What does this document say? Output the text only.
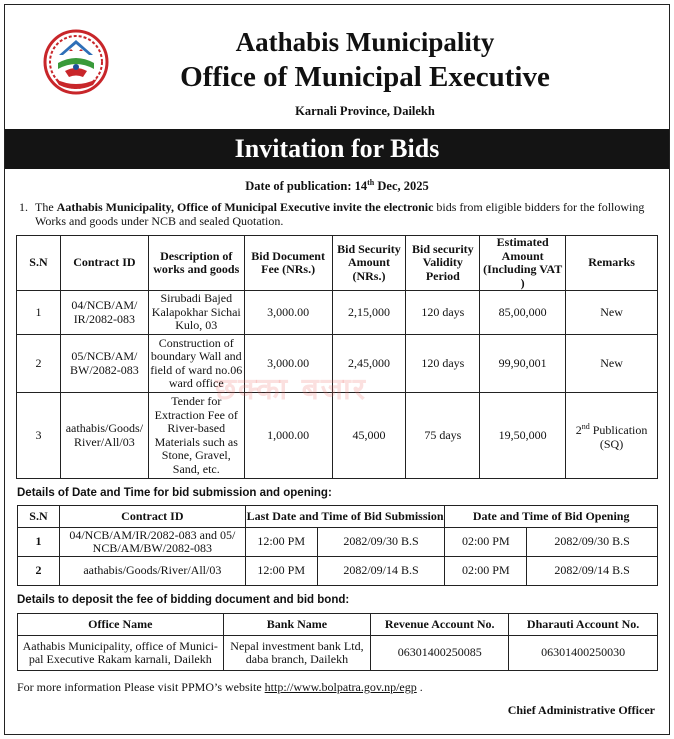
Aathabis Municipality
Office of Municipal Executive
Karnali Province, Dailekh
Invitation for Bids
Date of publication: 14th Dec, 2025
1. The Aathabis Municipality, Office of Municipal Executive invite the electronic bids from eligible bidders for the following Works and goods under NCB and sealed Quotation.
S.N	Contract ID	Description of works and goods	Bid Document Fee (NRs.)	Bid Security Amount (NRs.)	Bid security Validity Period	Estimated Amount (Including VAT )	Remarks
1	04/NCB/AM/ IR/2082-083	Sirubadi Bajed Kalapokhar Sichai Kulo, 03	3,000.00	2,15,000	120 days	85,00,000	New
2	05/NCB/AM/ BW/2082-083	Construction of boundary Wall and field of ward no.06 ward office	3,000.00	2,45,000	120 days	99,90,001	New
3	aathabis/Goods/ River/All/03	Tender for Extraction Fee of River-based Materials such as Stone, Gravel, Sand, etc.	1,000.00	45,000	75 days	19,50,000	2nd Publication (SQ)
Details of Date and Time for bid submission and opening:
S.N	Contract ID	Last Date and Time of Bid Submission		Date and Time of Bid Opening	
1	04/NCB/AM/IR/2082-083 and 05/ NCB/AM/BW/2082-083	12:00 PM	2082/09/30 B.S	02:00 PM	2082/09/30 B.S
2	aathabis/Goods/River/All/03	12:00 PM	2082/09/14 B.S	02:00 PM	2082/09/14 B.S
Details to deposit the fee of bidding document and bid bond:
Office Name	Bank Name	Revenue Account No.	Dharauti Account No.
Aathabis Municipality, office of Munici- pal Executive Rakam karnali, Dailekh	Nepal investment bank Ltd, daba branch, Dailekh	06301400250085	06301400250030
For more information Please visit PPMO’s website http://www.bolpatra.gov.np/egp .
Chief Administrative Officer
छक्का बजार
